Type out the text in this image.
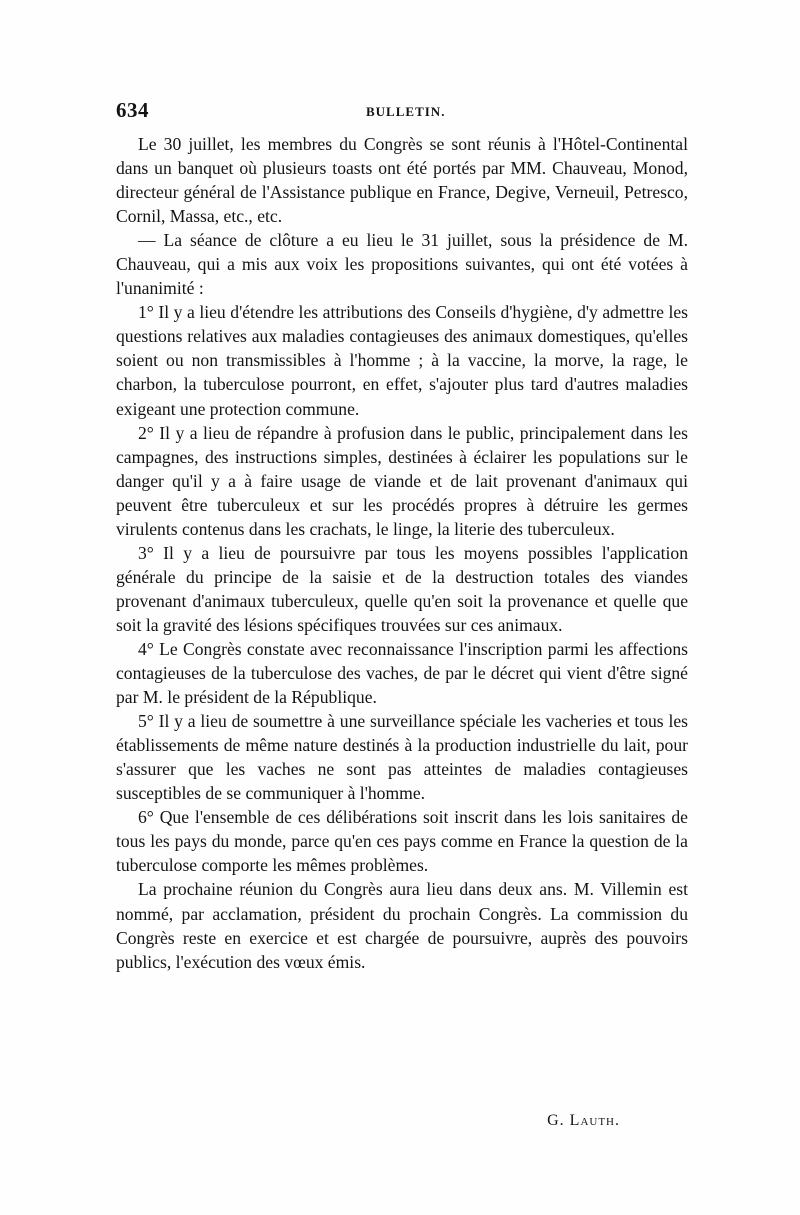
634	BULLETIN.

Le 30 juillet, les membres du Congrès se sont réunis à l'Hôtel-Continental dans un banquet où plusieurs toasts ont été portés par MM. Chauveau, Monod, directeur général de l'Assistance publique en France, Degive, Verneuil, Petresco, Cornil, Massa, etc., etc.

— La séance de clôture a eu lieu le 31 juillet, sous la présidence de M. Chauveau, qui a mis aux voix les propositions suivantes, qui ont été votées à l'unanimité :

1° Il y a lieu d'étendre les attributions des Conseils d'hygiène, d'y admettre les questions relatives aux maladies contagieuses des animaux domestiques, qu'elles soient ou non transmissibles à l'homme ; à la vaccine, la morve, la rage, le charbon, la tuberculose pourront, en effet, s'ajouter plus tard d'autres maladies exigeant une protection commune.

2° Il y a lieu de répandre à profusion dans le public, principalement dans les campagnes, des instructions simples, destinées à éclairer les populations sur le danger qu'il y a à faire usage de viande et de lait provenant d'animaux qui peuvent être tuberculeux et sur les procédés propres à détruire les germes virulents contenus dans les crachats, le linge, la literie des tuberculeux.

3° Il y a lieu de poursuivre par tous les moyens possibles l'application générale du principe de la saisie et de la destruction totales des viandes provenant d'animaux tuberculeux, quelle qu'en soit la provenance et quelle que soit la gravité des lésions spécifiques trouvées sur ces animaux.

4° Le Congrès constate avec reconnaissance l'inscription parmi les affections contagieuses de la tuberculose des vaches, de par le décret qui vient d'être signé par M. le président de la République.

5° Il y a lieu de soumettre à une surveillance spéciale les vacheries et tous les établissements de même nature destinés à la production industrielle du lait, pour s'assurer que les vaches ne sont pas atteintes de maladies contagieuses susceptibles de se communiquer à l'homme.

6° Que l'ensemble de ces délibérations soit inscrit dans les lois sanitaires de tous les pays du monde, parce qu'en ces pays comme en France la question de la tuberculose comporte les mêmes problèmes.

La prochaine réunion du Congrès aura lieu dans deux ans. M. Villemin est nommé, par acclamation, président du prochain Congrès. La commission du Congrès reste en exercice et est chargée de poursuivre, auprès des pouvoirs publics, l'exécution des vœux émis.

G. Lauth.
